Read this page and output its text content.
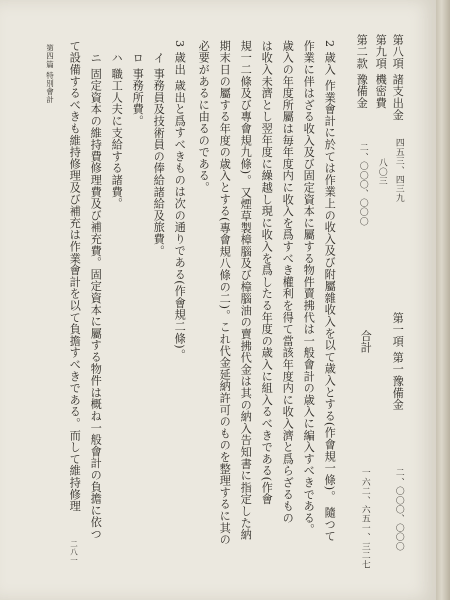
第八項 諸支出金
第九項 機密費
第二款 豫備金
四五三、四三九
八〇三
二、〇〇〇、〇〇〇
第一項 第一豫備金
合計
二、〇〇〇、〇〇〇
一六二、六五一、三二七
2 歳入 作業會計に於ては作業上の收入及び附屬雜收入を以て歳入とする(作會規一條)。 隨つて
作業に伴はざる收入及び固定資本に屬する物件賣拂代は一般會計の歳入に編入すべきである。
歳入の年度所屬は毎年度内に收入を爲すべき權利を得て當該年度内に收入濟と爲らざるもの
は收入未濟とし翌年度に繰越し現に收入を爲したる年度の歳入に組入るべきである(作會
規一二條及び專會規九條)。又煙草製樟腦及び樟腦油の賣拂代金は其の納入告知書に指定した納
期末日の屬する年度の歳入とする(專會規八條の二)。これ代金延納許可のものを整理するに其の
必要があるに由るのである。
3 歳出 歳出と爲すべきものは次の通りである(作會規二條)。
イ 事務員及技術員の俸給諸給及旅費。
ロ 事務所費。
ハ 職工人夫に支給する諸費。
ニ 固定資本の維持費修理費及び補充費。固定資本に屬する物件は概ね一般會計の負擔に依つ
て設備するべきも維持修理及び補充は作業會計を以て負擔すべきである。而して維持修理
第四篇 特別會計
二八一
